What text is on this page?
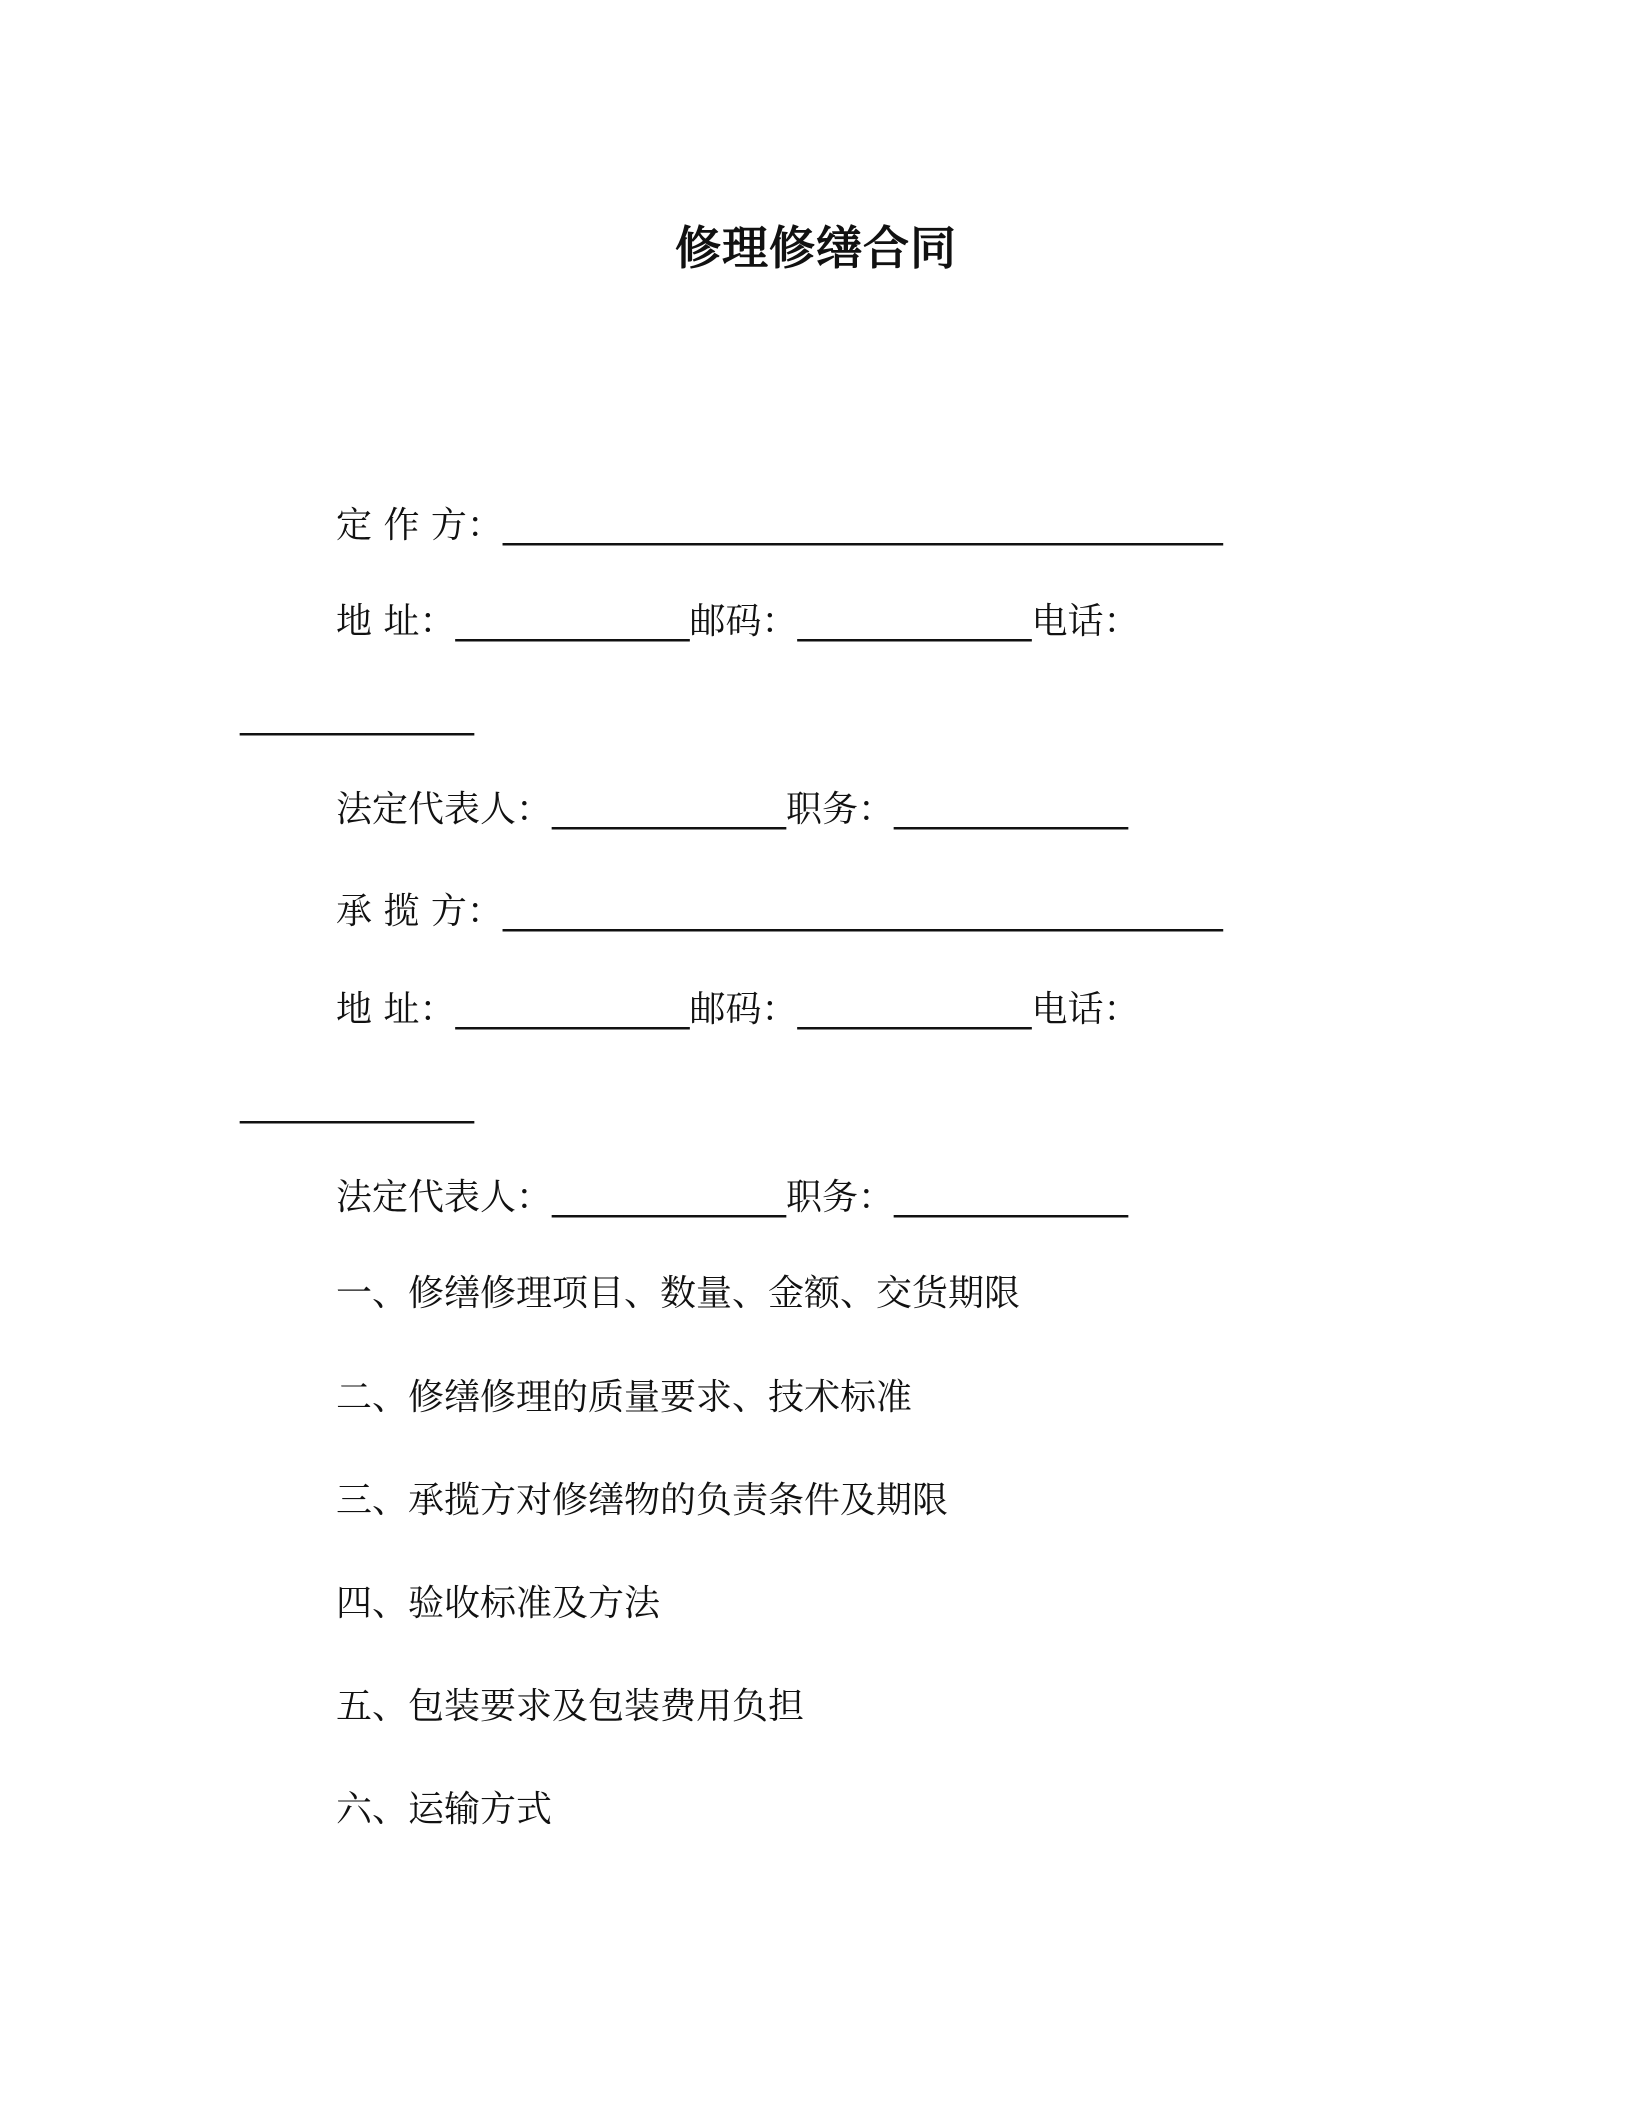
修理修缮合同
定 作 方：________________________________________
地 址：_____________邮码：_____________电话：
_____________
法定代表人：_____________职务：_____________
承 揽 方：________________________________________
地 址：_____________邮码：_____________电话：
_____________
法定代表人：_____________职务：_____________
一、修缮修理项目、数量、金额、交货期限
二、修缮修理的质量要求、技术标准
三、承揽方对修缮物的负责条件及期限
四、验收标准及方法
五、包装要求及包装费用负担
六、运输方式
